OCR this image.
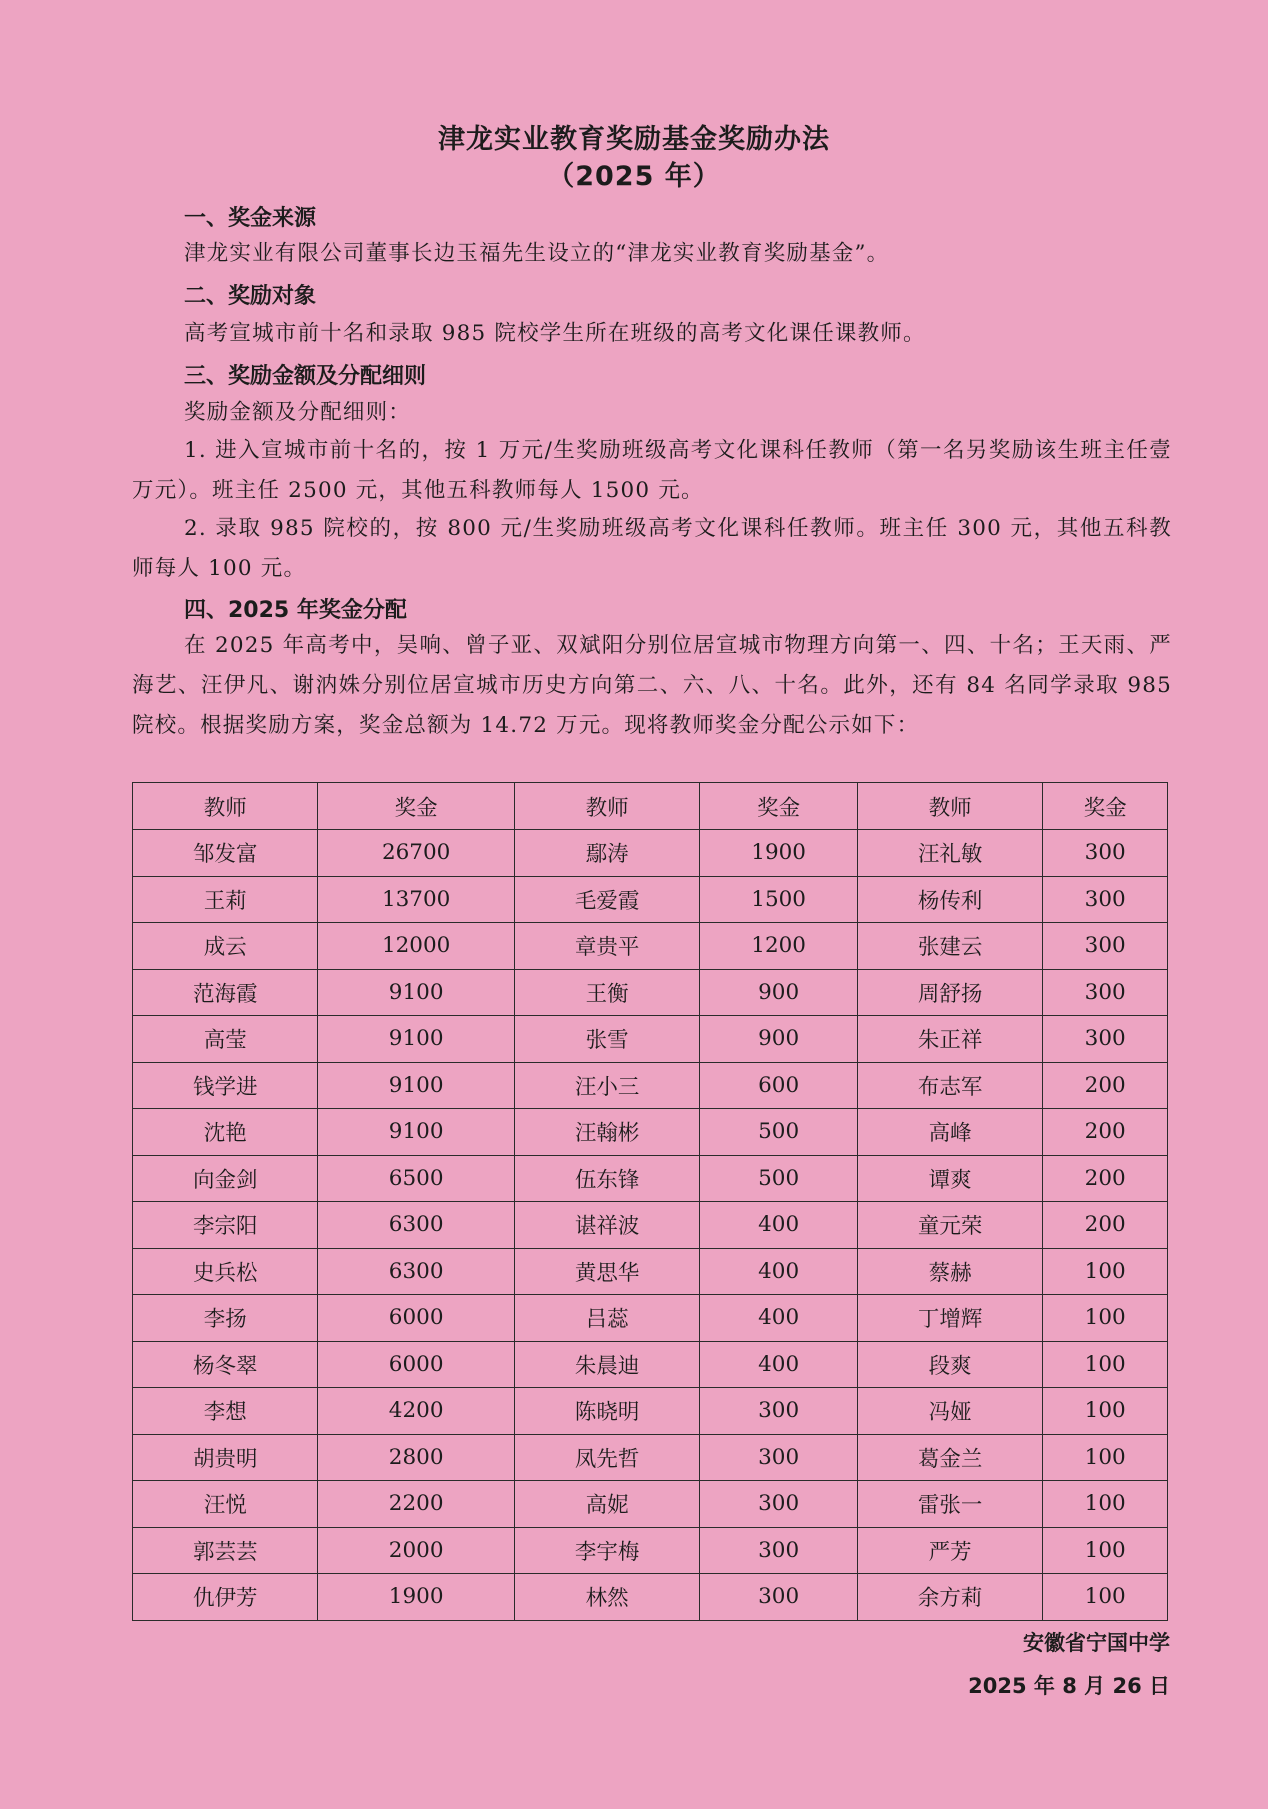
津龙实业教育奖励基金奖励办法
（2025 年）
一、奖金来源
津龙实业有限公司董事长边玉福先生设立的“津龙实业教育奖励基金”。
二、奖励对象
高考宣城市前十名和录取 985 院校学生所在班级的高考文化课任课教师。
三、奖励金额及分配细则
奖励金额及分配细则：
1. 进入宣城市前十名的，按 1 万元/生奖励班级高考文化课科任教师（第一名另奖励该生班主任壹万元）。班主任 2500 元，其他五科教师每人 1500 元。
2. 录取 985 院校的，按 800 元/生奖励班级高考文化课科任教师。班主任 300 元，其他五科教师每人 100 元。
四、2025 年奖金分配
在 2025 年高考中，吴响、曾子亚、双斌阳分别位居宣城市物理方向第一、四、十名；王天雨、严海艺、汪伊凡、谢汭姝分别位居宣城市历史方向第二、六、八、十名。此外，还有 84 名同学录取 985 院校。根据奖励方案，奖金总额为 14.72 万元。现将教师奖金分配公示如下：
教师	奖金	教师	奖金	教师	奖金
邹发富	26700	鄢涛	1900	汪礼敏	300
王莉	13700	毛爱霞	1500	杨传利	300
成云	12000	章贵平	1200	张建云	300
范海霞	9100	王衡	900	周舒扬	300
高莹	9100	张雪	900	朱正祥	300
钱学进	9100	汪小三	600	布志军	200
沈艳	9100	汪翰彬	500	高峰	200
向金剑	6500	伍东锋	500	谭爽	200
李宗阳	6300	谌祥波	400	童元荣	200
史兵松	6300	黄思华	400	蔡赫	100
李扬	6000	吕蕊	400	丁增辉	100
杨冬翠	6000	朱晨迪	400	段爽	100
李想	4200	陈晓明	300	冯娅	100
胡贵明	2800	凤先哲	300	葛金兰	100
汪悦	2200	高妮	300	雷张一	100
郭芸芸	2000	李宇梅	300	严芳	100
仇伊芳	1900	林然	300	余方莉	100
安徽省宁国中学
2025 年 8 月 26 日
